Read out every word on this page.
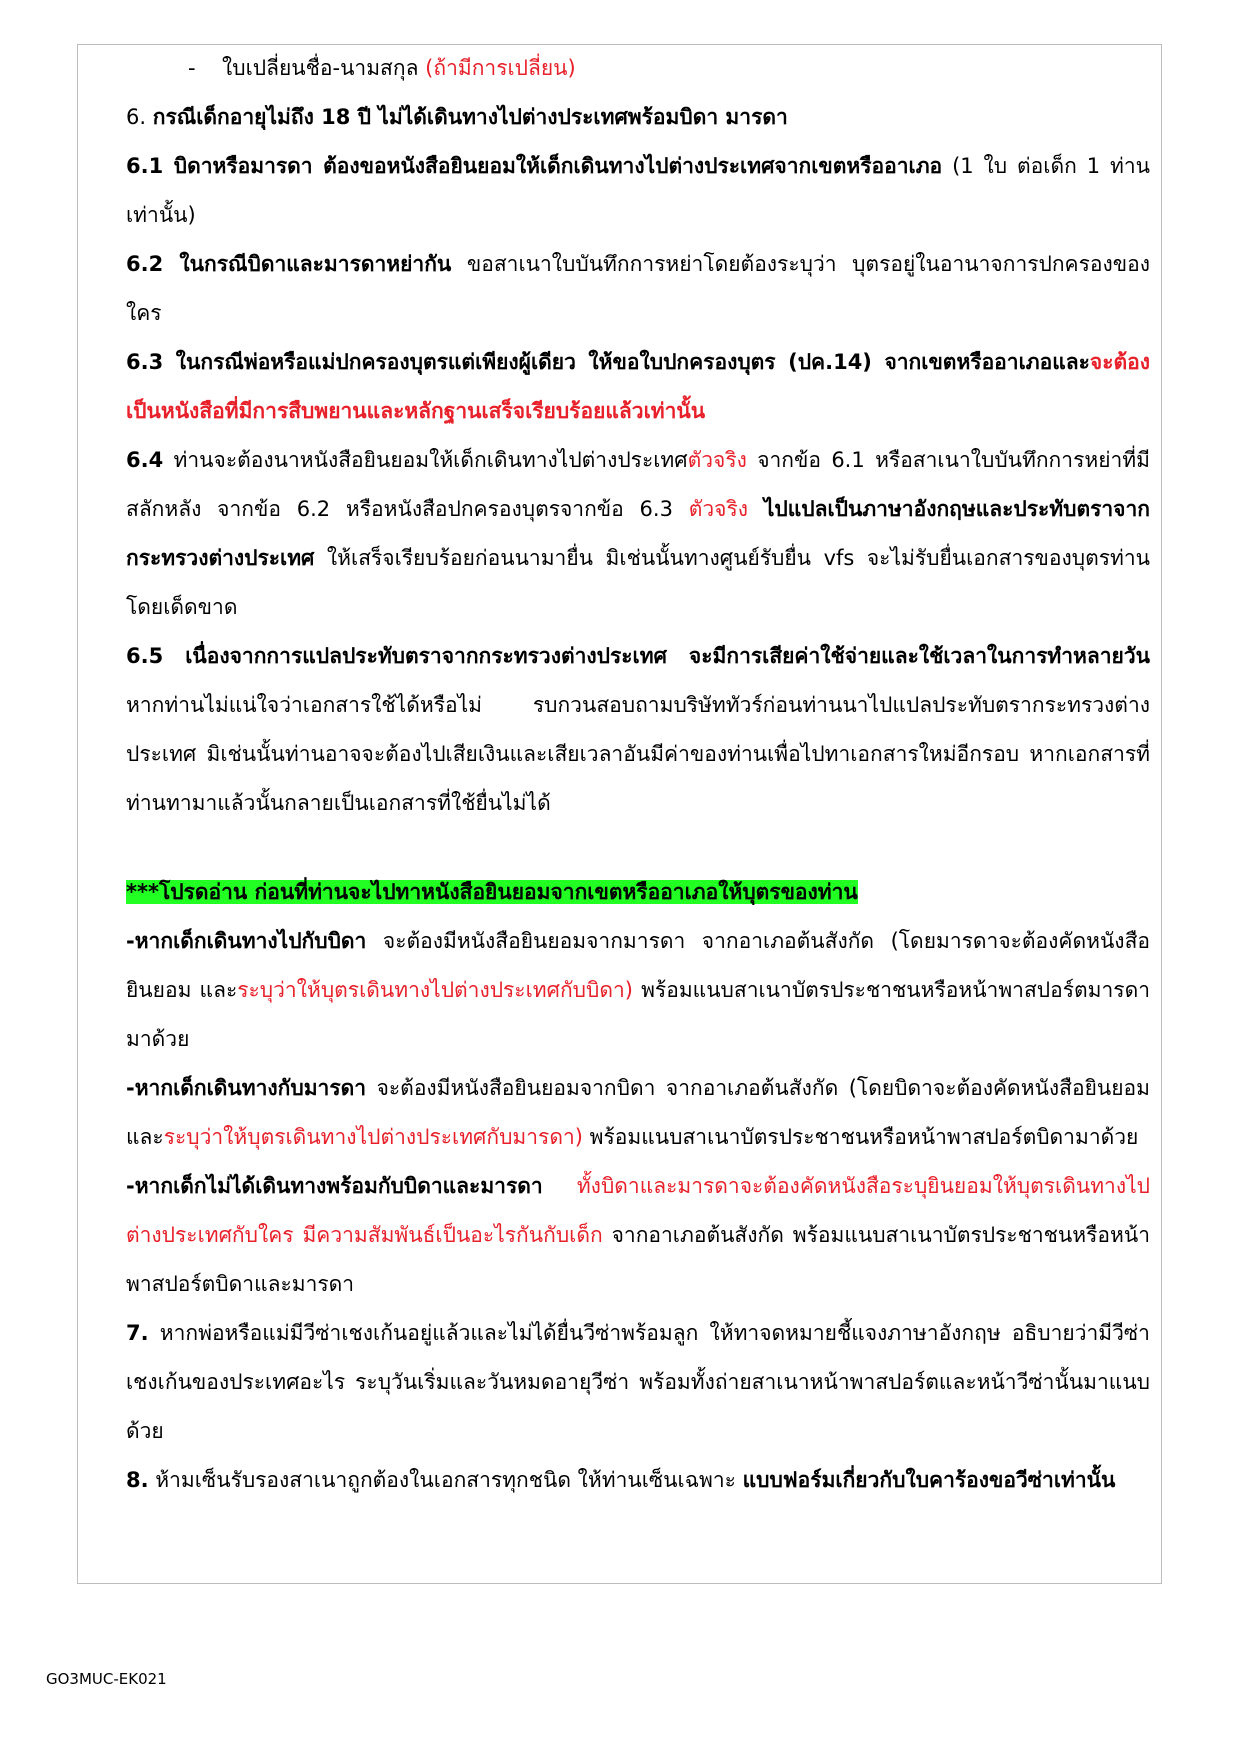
- ใบเปลี่ยนชื่อ-นามสกุล (ถ้ามีการเปลี่ยน)

6. กรณีเด็กอายุไม่ถึง 18 ปี ไม่ได้เดินทางไปต่างประเทศพร้อมบิดา มารดา

6.1 บิดาหรือมารดา ต้องขอหนังสือยินยอมให้เด็กเดินทางไปต่างประเทศจากเขตหรืออาเภอ (1 ใบ ต่อเด็ก 1 ท่าน เท่านั้น)

6.2 ในกรณีบิดาและมารดาหย่ากัน ขอสาเนาใบบันทึกการหย่าโดยต้องระบุว่า บุตรอยู่ในอานาจการปกครองของใคร

6.3 ในกรณีพ่อหรือแม่ปกครองบุตรแต่เพียงผู้เดียว ให้ขอใบปกครองบุตร (ปค.14) จากเขตหรืออาเภอและจะต้องเป็นหนังสือที่มีการสืบพยานและหลักฐานเสร็จเรียบร้อยแล้วเท่านั้น

6.4 ท่านจะต้องนาหนังสือยินยอมให้เด็กเดินทางไปต่างประเทศตัวจริง จากข้อ 6.1 หรือสาเนาใบบันทึกการหย่าที่มีสลักหลัง จากข้อ 6.2 หรือหนังสือปกครองบุตรจากข้อ 6.3 ตัวจริง ไปแปลเป็นภาษาอังกฤษและประทับตราจากกระทรวงต่างประเทศ ให้เสร็จเรียบร้อยก่อนนามายื่น มิเช่นนั้นทางศูนย์รับยื่น vfs จะไม่รับยื่นเอกสารของบุตรท่านโดยเด็ดขาด

6.5 เนื่องจากการแปลประทับตราจากกระทรวงต่างประเทศ จะมีการเสียค่าใช้จ่ายและใช้เวลาในการทำหลายวัน หากท่านไม่แน่ใจว่าเอกสารใช้ได้หรือไม่ รบกวนสอบถามบริษัททัวร์ก่อนท่านนาไปแปลประทับตรากระทรวงต่างประเทศ มิเช่นนั้นท่านอาจจะต้องไปเสียเงินและเสียเวลาอันมีค่าของท่านเพื่อไปทาเอกสารใหม่อีกรอบ หากเอกสารที่ท่านทามาแล้วนั้นกลายเป็นเอกสารที่ใช้ยื่นไม่ได้

***โปรดอ่าน ก่อนที่ท่านจะไปทาหนังสือยินยอมจากเขตหรืออาเภอให้บุตรของท่าน

-หากเด็กเดินทางไปกับบิดา จะต้องมีหนังสือยินยอมจากมารดา จากอาเภอต้นสังกัด (โดยมารดาจะต้องคัดหนังสือยินยอม และระบุว่าให้บุตรเดินทางไปต่างประเทศกับบิดา) พร้อมแนบสาเนาบัตรประชาชนหรือหน้าพาสปอร์ตมารดามาด้วย

-หากเด็กเดินทางกับมารดา จะต้องมีหนังสือยินยอมจากบิดา จากอาเภอต้นสังกัด (โดยบิดาจะต้องคัดหนังสือยินยอม และระบุว่าให้บุตรเดินทางไปต่างประเทศกับมารดา) พร้อมแนบสาเนาบัตรประชาชนหรือหน้าพาสปอร์ตบิดามาด้วย

-หากเด็กไม่ได้เดินทางพร้อมกับบิดาและมารดา ทั้งบิดาและมารดาจะต้องคัดหนังสือระบุยินยอมให้บุตรเดินทางไปต่างประเทศกับใคร มีความสัมพันธ์เป็นอะไรกันกับเด็ก จากอาเภอต้นสังกัด พร้อมแนบสาเนาบัตรประชาชนหรือหน้าพาสปอร์ตบิดาและมารดา

7. หากพ่อหรือแม่มีวีซ่าเชงเก้นอยู่แล้วและไม่ได้ยื่นวีซ่าพร้อมลูก ให้ทาจดหมายชี้แจงภาษาอังกฤษ อธิบายว่ามีวีซ่าเชงเก้นของประเทศอะไร ระบุวันเริ่มและวันหมดอายุวีซ่า พร้อมทั้งถ่ายสาเนาหน้าพาสปอร์ตและหน้าวีซ่านั้นมาแนบด้วย

8. ห้ามเซ็นรับรองสาเนาถูกต้องในเอกสารทุกชนิด ให้ท่านเซ็นเฉพาะ แบบฟอร์มเกี่ยวกับใบคาร้องขอวีซ่าเท่านั้น

GO3MUC-EK021
